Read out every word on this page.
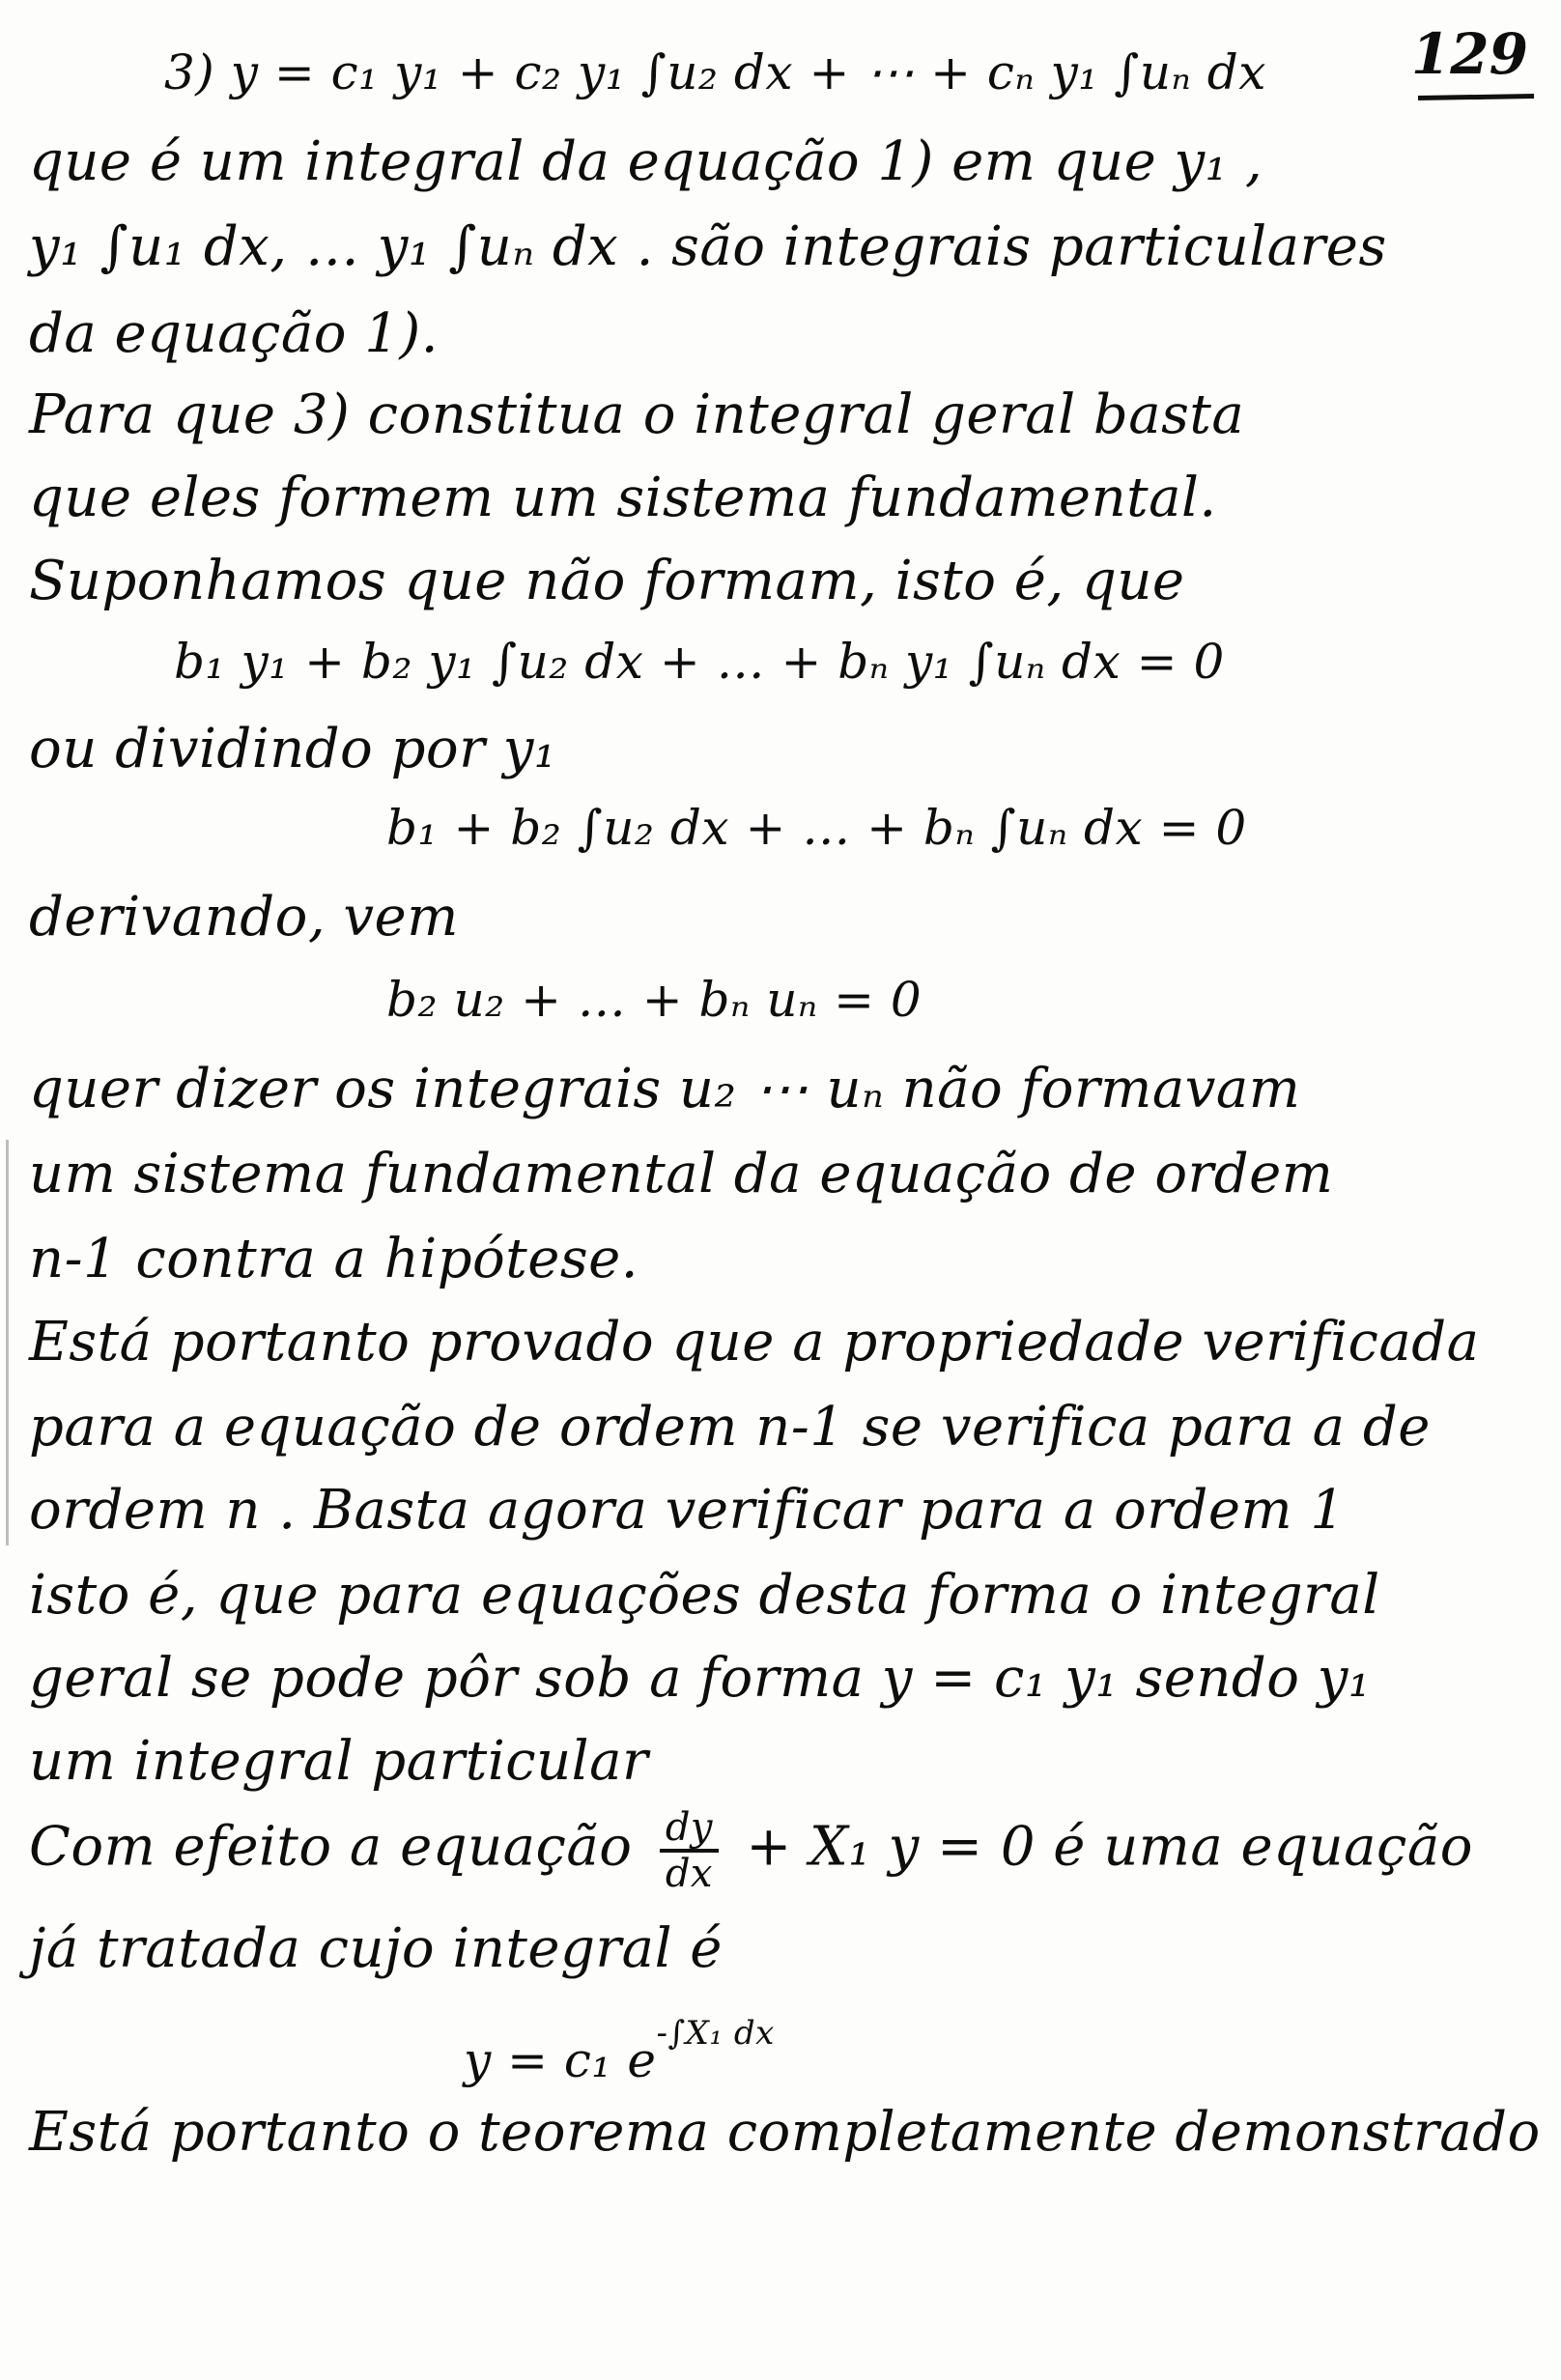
129
3) y = c₁ y₁ + c₂ y₁ ∫u₂ dx + ⋯ + cₙ y₁ ∫uₙ dx
que é um integral da equação 1) em que y₁ ,
y₁ ∫u₁ dx, … y₁ ∫uₙ dx . são integrais particulares
da equação 1).
Para que 3) constitua o integral geral basta
que eles formem um sistema fundamental.
Suponhamos que não formam, isto é, que
b₁ y₁ + b₂ y₁ ∫u₂ dx + … + bₙ y₁ ∫uₙ dx = 0
ou dividindo por y₁
b₁ + b₂ ∫u₂ dx + … + bₙ ∫uₙ dx = 0
derivando, vem
b₂ u₂ + … + bₙ uₙ = 0
quer dizer os integrais u₂ ⋯ uₙ não formavam
um sistema fundamental da equação de ordem
n-1 contra a hipótese.
Está portanto provado que a propriedade verificada
para a equação de ordem n-1 se verifica para a de
ordem n . Basta agora verificar para a ordem 1
isto é, que para equações desta forma o integral
geral se pode pôr sob a forma y = c₁ y₁ sendo y₁
um integral particular
Com efeito a equação $\frac{dy}{dx} + X_1$ y = 0 é uma equação
já tratada cujo integral é
y = c₁ $e^{-\int X_1 dx}$
Está portanto o teorema completamente demonstrado
